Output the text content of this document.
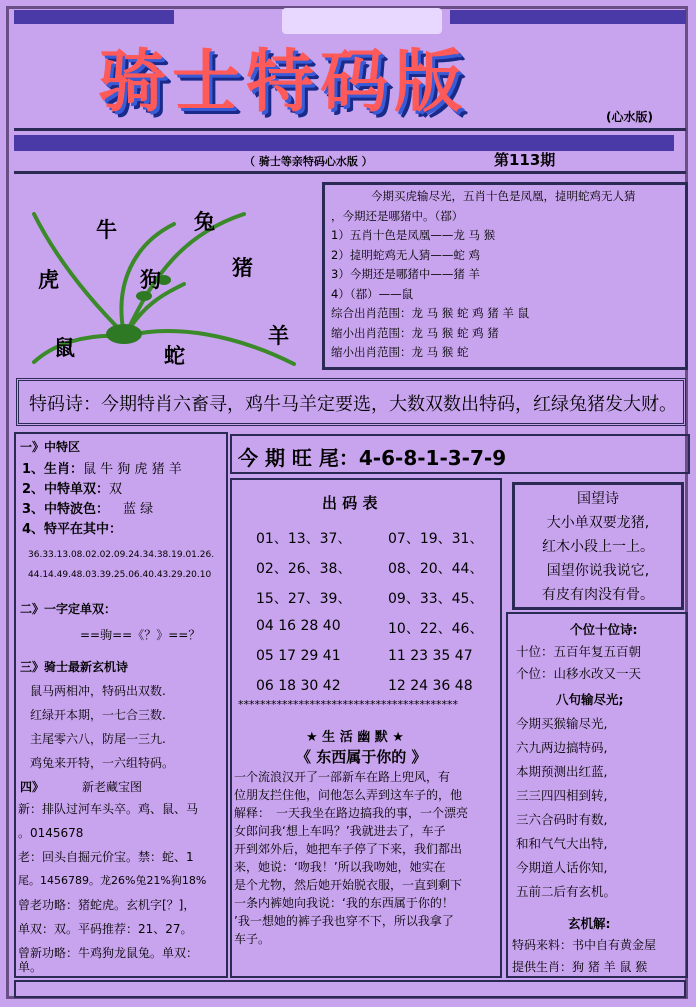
骑士特码版	(心水版)
（ 骑士等亲特码心水版 ）	第113期
牛	兔
虎	狗	猪
羊
鼠	蛇
今期买虎输尽光，五肖十色是凤凰，㨗明蛇鸡无人猜
，今期还是哪猪中。（鄀）
1）五肖十色是凤凰——龙 马 猴
2）㨗明蛇鸡无人猜——蛇 鸡
3）今期还是哪猪中——猪 羊
4）（鄀）——鼠
综合出肖范围：龙 马 猴 蛇 鸡 猪 羊 鼠
缩小出肖范围：龙 马 猴 蛇 鸡 猪
缩小出肖范围：龙 马 猴 蛇
特码诗：今期特肖六畜寻，鸡牛马羊定要选，大数双数出特码，红绿兔猪发大财。
一》中特区
1、生肖：鼠 牛 狗 虎 猪 羊
2、中特单双：双
3、中特波色： 蓝 绿
4、特平在其中：
36.33.13.08.02.02.09.24.34.38.19.01.26.
44.14.49.48.03.39.25.06.40.43.29.20.10
二》一字定单双：
==驹==《？》==？
三》骑士最新玄机诗
鼠马两相冲，特码出双数.
红绿开本期，一七合三数.
主尾零六八，防尾一三九.
鸡兔来开特，一六组特码。
四》	新老藏宝图
新：排队过河车头卒。鸡、鼠、马
。0145678
老：回头自掘元价宝。禁：蛇、1
尾。1456789。龙26%兔21%狗18%
曾老功略：猪蛇虎。玄机字[？]，
单双：双。平码推荐：21、27。
曾新功略：牛鸡狗龙鼠兔。单双：
单。
今 期 旺 尾：4-6-8-1-3-7-9
出 码 表
01、13、37、	07、19、31、
02、26、38、	08、20、44、
15、27、39、	09、33、45、
04 16 28 40	10、22、46、
05 17 29 41	11 23 35 47
06 18 30 42	12 24 36 48
****************************************
★ 生 活 幽 默 ★
《 东西属于你的 》
一个流浪汉开了一部新车在路上兜风，有
位朋友拦住他，问他怎么弄到这车子的，他
解释：　一天我坐在路边搞我的事，一个漂亮
女郎问我‘想上车吗？’我就进去了，车子
开到郊外后，她把车子停了下来，我们都出
来，她说：‘吻我！’所以我吻她，她实在
是个尤物，然后她开始脱衣服，一直到剩下
一条内裤她向我说：‘我的东西属于你的！
’我一想她的裤子我也穿不下，所以我拿了
车子。
国望诗
大小单双要龙猪,
红木小段上一上。
国望你说我说它,
有皮有肉没有骨。
个位十位诗:
十位：五百年复五百朝
个位：山移水改又一天
八句输尽光;
今期买猴输尽光,
六九两边搞特码,
本期预测出红蓝,
三三四四相到转,
三六合码时有数,
和和气气大出特,
今期道人话你知,
五前二后有玄机。
玄机解:
特码来料：书中自有黄金屋
提供生肖：狗 猪 羊 鼠 猴
